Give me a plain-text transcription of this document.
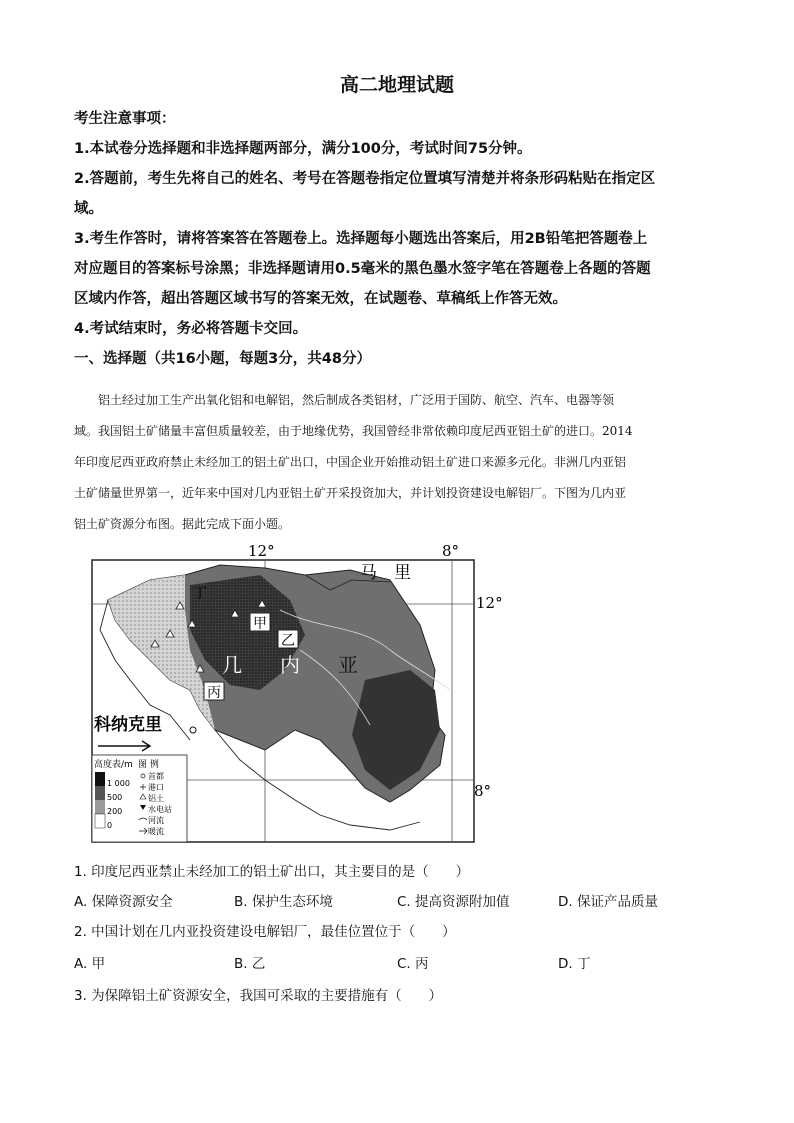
高二地理试题

考生注意事项：

1.本试卷分选择题和非选择题两部分，满分100分，考试时间75分钟。

2.答题前，考生先将自己的姓名、考号在答题卷指定位置填写清楚并将条形码粘贴在指定区

域。

3.考生作答时，请将答案答在答题卷上。选择题每小题选出答案后，用2B铅笔把答题卷上

对应题目的答案标号涂黑；非选择题请用0.5毫米的黑色墨水签字笔在答题卷上各题的答题

区域内作答，超出答题区域书写的答案无效，在试题卷、草稿纸上作答无效。

4.考试结束时，务必将答题卡交回。

一、选择题（共16小题，每题3分，共48分）

铝土经过加工生产出氧化铝和电解铝，然后制成各类铝材，广泛用于国防、航空、汽车、电器等领

域。我国铝土矿储量丰富但质量较差，由于地缘优势，我国曾经非常依赖印度尼西亚铝土矿的进口。2014

年印度尼西亚政府禁止未经加工的铝土矿出口，中国企业开始推动铝土矿进口来源多元化。非洲几内亚铝

土矿储量世界第一，近年来中国对几内亚铝土矿开采投资加大，并计划投资建设电解铝厂。下图为几内亚

铝土矿资源分布图。据此完成下面小题。

12°	8°
12°
8°
马　里
几 内 亚
甲
乙
丙
丁
科纳克里
高度表/m
1 000
500
200
0
图 例
首都
港口
铝土
水电站
河流
暖流
1. 印度尼西亚禁止未经加工的铝土矿出口，其主要目的是（　　）
A. 保障资源安全	B. 保护生态环境	C. 提高资源附加值	D. 保证产品质量
2. 中国计划在几内亚投资建设电解铝厂，最佳位置位于（　　）
A. 甲	B. 乙	C. 丙	D. 丁
3. 为保障铝土矿资源安全，我国可采取的主要措施有（　　）
